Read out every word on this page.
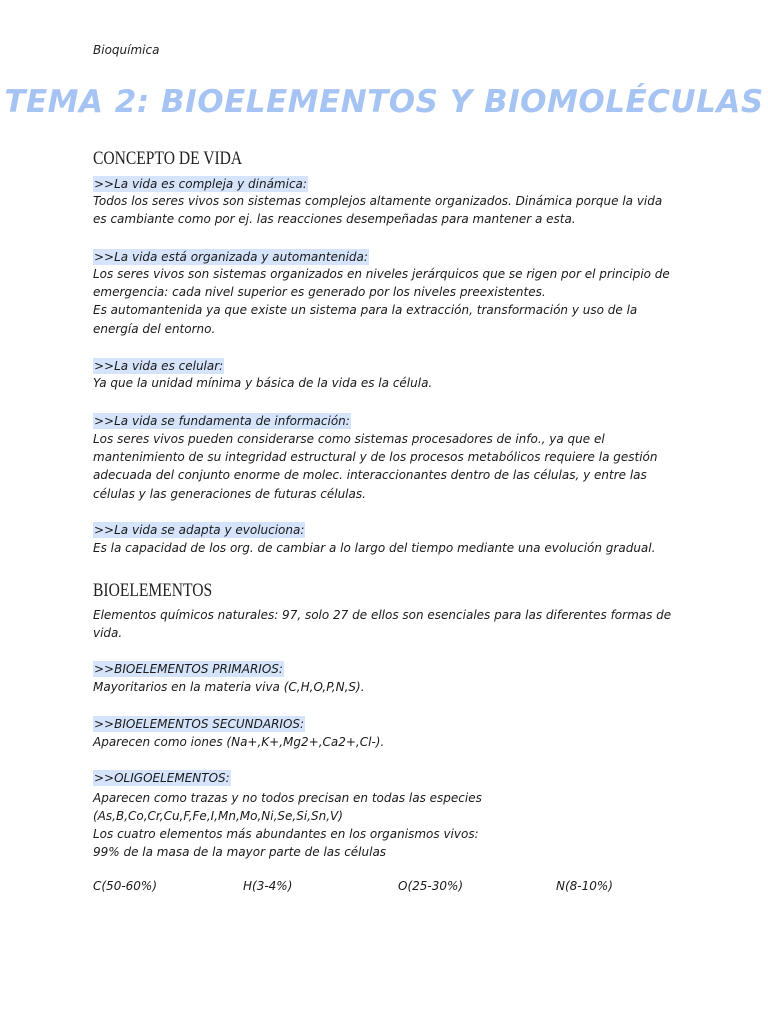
Bioquímica
TEMA 2: BIOELEMENTOS Y BIOMOLÉCULAS
CONCEPTO DE VIDA
>>La vida es compleja y dinámica:

Todos los seres vivos son sistemas complejos altamente organizados. Dinámica porque la vida es cambiante como por ej. las reacciones desempeñadas para mantener a esta.

>>La vida está organizada y automantenida:

Los seres vivos son sistemas organizados en niveles jerárquicos que se rigen por el principio de emergencia: cada nivel superior es generado por los niveles preexistentes.

Es automantenida ya que existe un sistema para la extracción, transformación y uso de la energía del entorno.

>>La vida es celular:

Ya que la unidad mínima y básica de la vida es la célula.

>>La vida se fundamenta de información:

Los seres vivos pueden considerarse como sistemas procesadores de info., ya que el mantenimiento de su integridad estructural y de los procesos metabólicos requiere la gestión adecuada del conjunto enorme de molec. interaccionantes dentro de las células, y entre las células y las generaciones de futuras células.

>>La vida se adapta y evoluciona:

Es la capacidad de los org. de cambiar a lo largo del tiempo mediante una evolución gradual.

BIOELEMENTOS

Elementos químicos naturales: 97, solo 27 de ellos son esenciales para las diferentes formas de vida.

>>BIOELEMENTOS PRIMARIOS:

Mayoritarios en la materia viva (C,H,O,P,N,S).

>>BIOELEMENTOS SECUNDARIOS:

Aparecen como iones (Na+,K+,Mg2+,Ca2+,Cl-).

>>OLIGOELEMENTOS:

Aparecen como trazas y no todos precisan en todas las especies

(As,B,Co,Cr,Cu,F,Fe,I,Mn,Mo,Ni,Se,Si,Sn,V)

Los cuatro elementos más abundantes en los organismos vivos:

99% de la masa de la mayor parte de las células

C(50-60%)	H(3-4%)	O(25-30%)	N(8-10%)
